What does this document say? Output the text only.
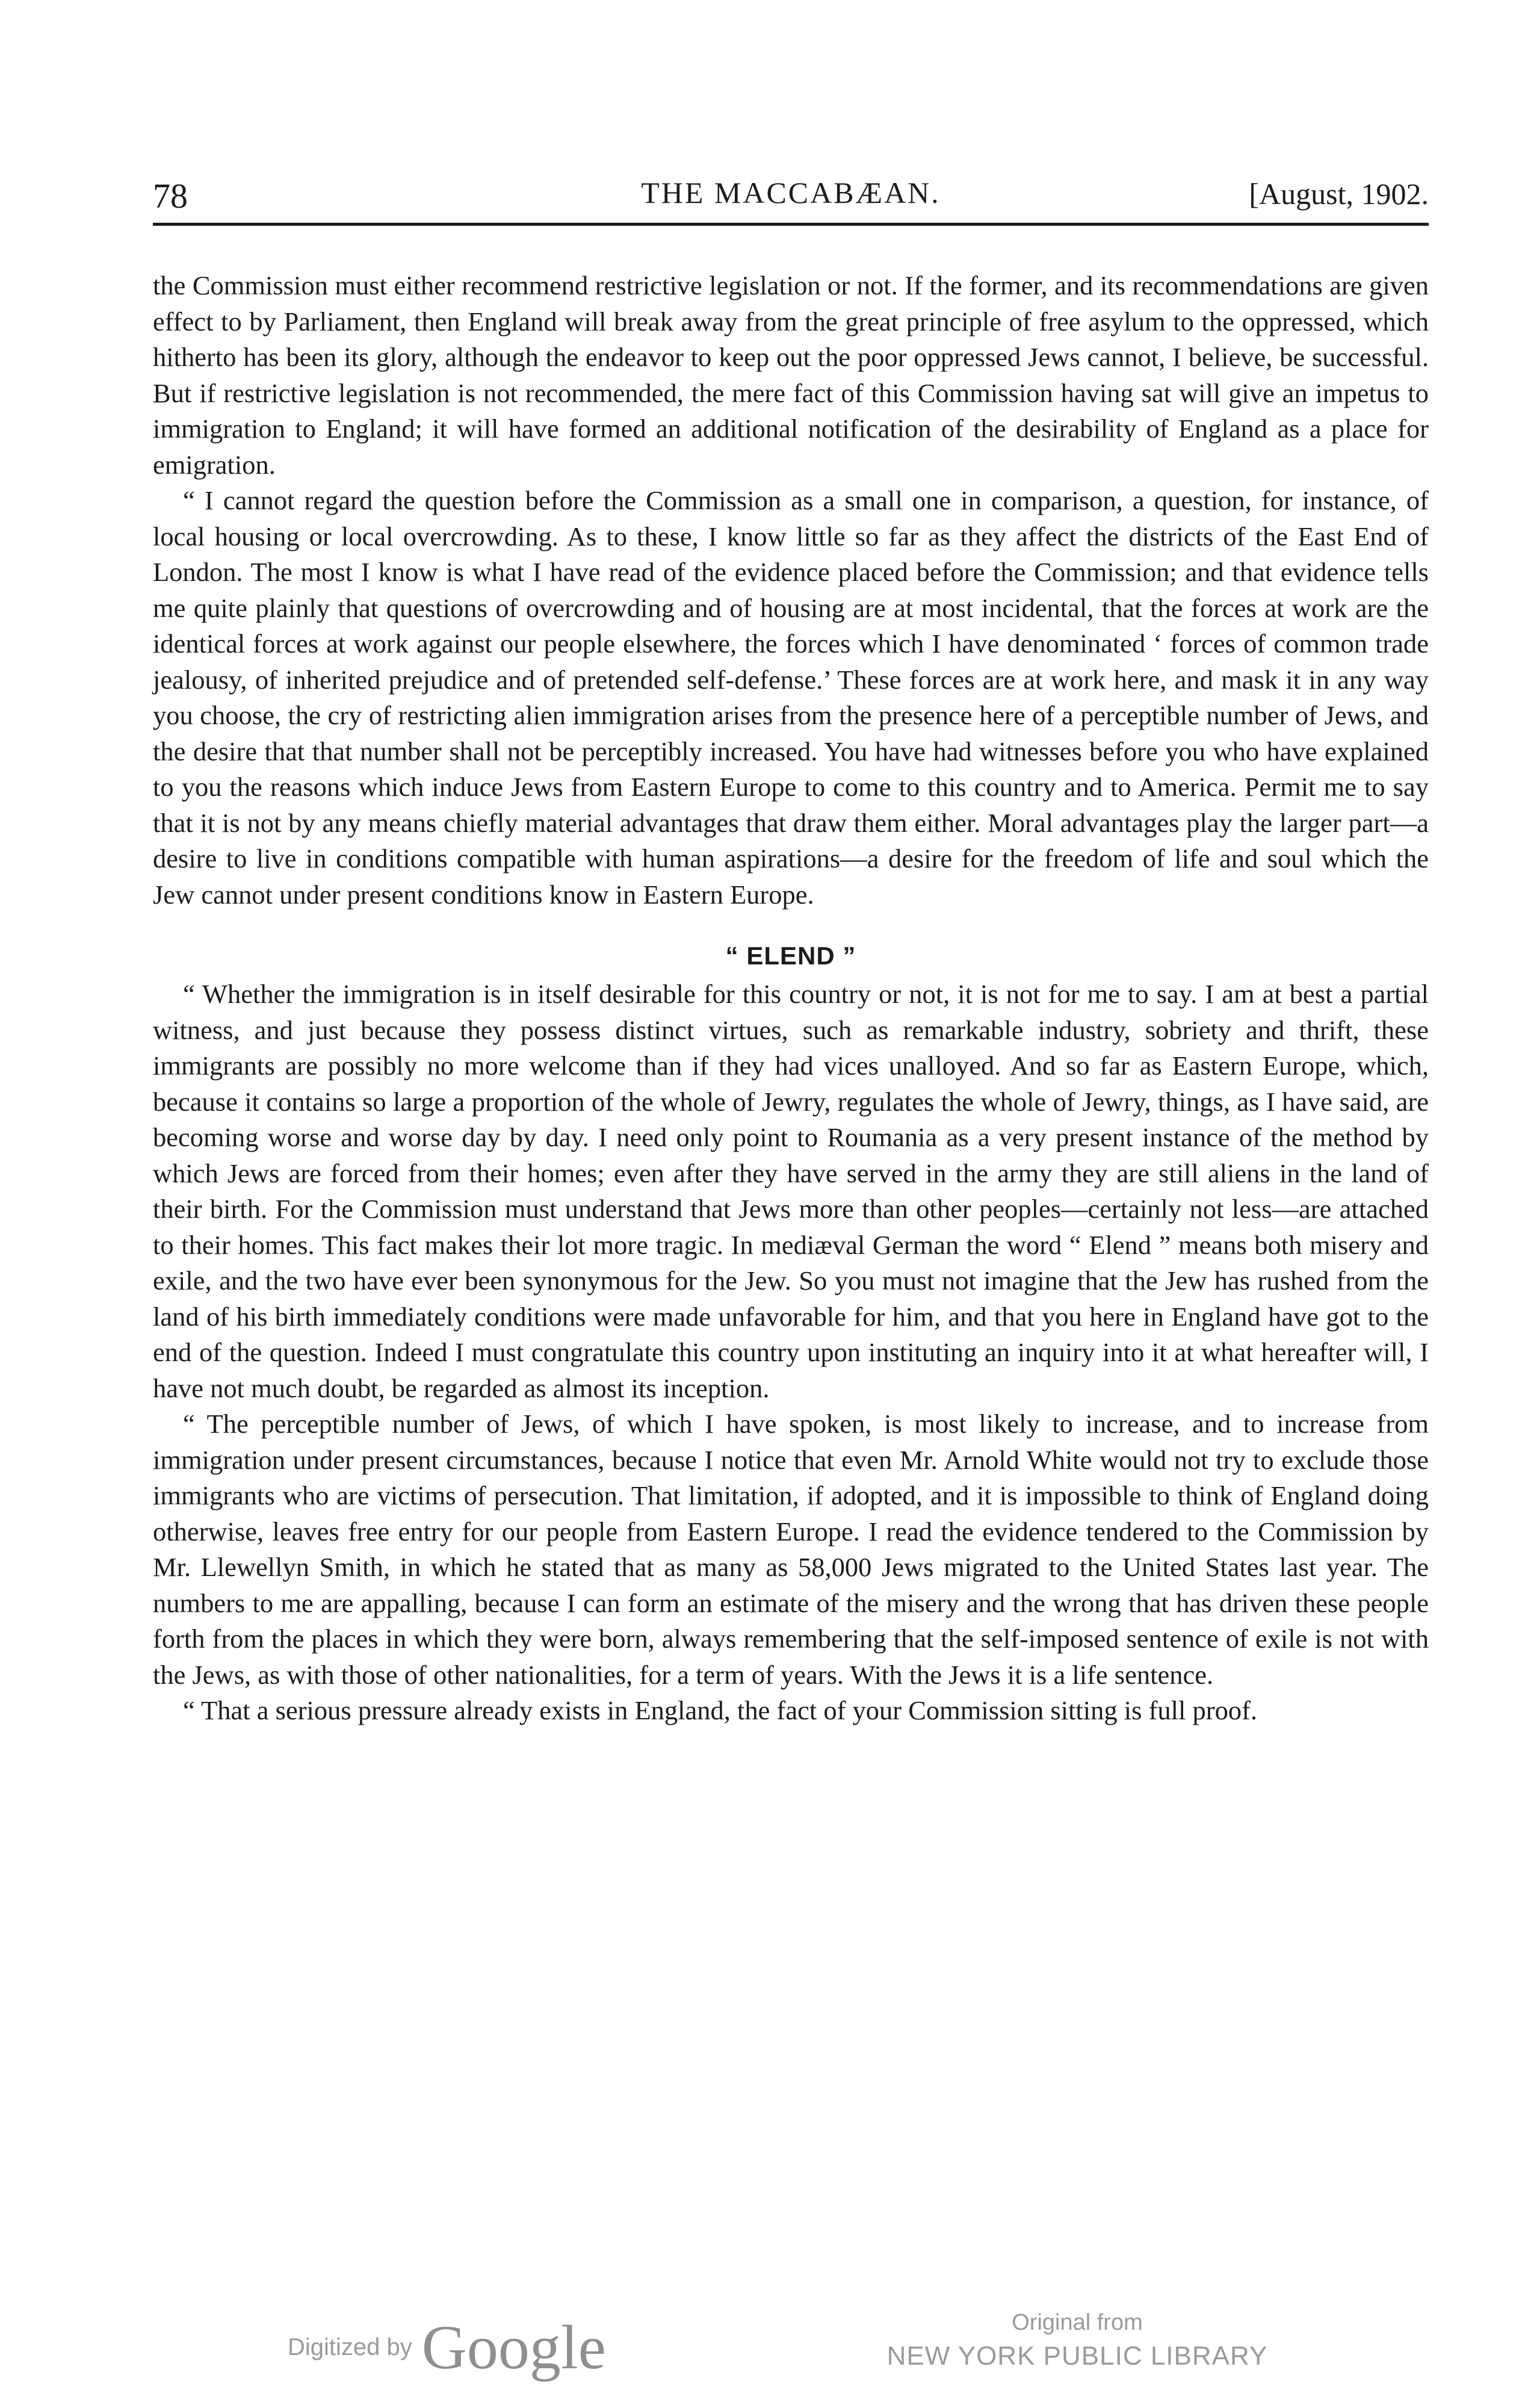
78	THE MACCABÆAN.	[August, 1902.

the Commission must either recommend restrictive legislation or not. If the former, and its recommendations are given effect to by Parliament, then England will break away from the great principle of free asylum to the oppressed, which hitherto has been its glory, although the endeavor to keep out the poor oppressed Jews cannot, I believe, be successful. But if restrictive legislation is not recommended, the mere fact of this Commission having sat will give an impetus to immigration to England; it will have formed an additional notification of the desirability of England as a place for emigration.

“ I cannot regard the question before the Commission as a small one in comparison, a question, for instance, of local housing or local overcrowding. As to these, I know little so far as they affect the districts of the East End of London. The most I know is what I have read of the evidence placed before the Commission; and that evidence tells me quite plainly that questions of overcrowding and of housing are at most incidental, that the forces at work are the identical forces at work against our people elsewhere, the forces which I have denominated ‘ forces of common trade jealousy, of inherited prejudice and of pretended self-defense.’ These forces are at work here, and mask it in any way you choose, the cry of restricting alien immigration arises from the presence here of a perceptible number of Jews, and the desire that that number shall not be perceptibly increased. You have had witnesses before you who have explained to you the reasons which induce Jews from Eastern Europe to come to this country and to America. Permit me to say that it is not by any means chiefly material advantages that draw them either. Moral advantages play the larger part—a desire to live in conditions compatible with human aspirations—a desire for the freedom of life and soul which the Jew cannot under present conditions know in Eastern Europe.

“ ELEND ”

“ Whether the immigration is in itself desirable for this country or not, it is not for me to say. I am at best a partial witness, and just because they possess distinct virtues, such as remarkable industry, sobriety and thrift, these immigrants are possibly no more welcome than if they had vices unalloyed. And so far as Eastern Europe, which, because it contains so large a proportion of the whole of Jewry, regulates the whole of Jewry, things, as I have said, are becoming worse and worse day by day. I need only point to Roumania as a very present instance of the method by which Jews are forced from their homes; even after they have served in the army they are still aliens in the land of their birth. For the Commission must understand that Jews more than other peoples—certainly not less—are attached to their homes. This fact makes their lot more tragic. In mediæval German the word “ Elend ” means both misery and exile, and the two have ever been synonymous for the Jew. So you must not imagine that the Jew has rushed from the land of his birth immediately conditions were made unfavorable for him, and that you here in England have got to the end of the question. Indeed I must congratulate this country upon instituting an inquiry into it at what hereafter will, I have not much doubt, be regarded as almost its inception.

“ The perceptible number of Jews, of which I have spoken, is most likely to increase, and to increase from immigration under present circumstances, because I notice that even Mr. Arnold White would not try to exclude those immigrants who are victims of persecution. That limitation, if adopted, and it is impossible to think of England doing otherwise, leaves free entry for our people from Eastern Europe. I read the evidence tendered to the Commission by Mr. Llewellyn Smith, in which he stated that as many as 58,000 Jews migrated to the United States last year. The numbers to me are appalling, because I can form an estimate of the misery and the wrong that has driven these people forth from the places in which they were born, always remembering that the self-imposed sentence of exile is not with the Jews, as with those of other nationalities, for a term of years. With the Jews it is a life sentence.

“ That a serious pressure already exists in England, the fact of your Commission sitting is full proof.

Digitized by Google	Original from
NEW YORK PUBLIC LIBRARY
